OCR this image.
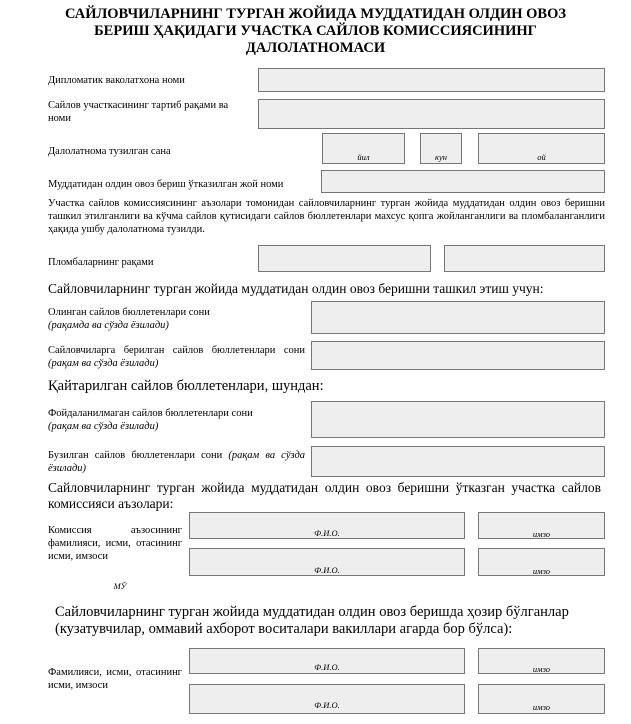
САЙЛОВЧИЛАРНИНГ ТУРГАН ЖОЙИДА МУДДАТИДАН ОЛДИН ОВОЗ
БЕРИШ ҲАҚИДАГИ УЧАСТКА САЙЛОВ КОМИССИЯСИНИНГ
ДАЛОЛАТНОМАСИ
Дипломатик ваколатхона номи
Сайлов участкасининг тартиб рақами ва номи
Далолатнома тузилган сана	йил	кун	ой
Муддатидан олдин овоз бериш ўтказилган жой номи
Участка сайлов комиссиясининг аъзолари томонидан сайловчиларнинг турган жойида муддатидан олдин овоз беришни ташкил этилганлиги ва кўчма сайлов қутисидаги сайлов бюллетенлари махсус қопга жойланганлиги ва пломбаланганлиги ҳақида ушбу далолатнома тузилди.
Пломбаларнинг рақами
Сайловчиларнинг турган жойида муддатидан олдин овоз беришни ташкил этиш учун:
Олинган сайлов бюллетенлари сони
(рақамда ва сўзда ёзилади)
Сайловчиларга берилган сайлов бюллетенлари сони (рақам ва сўзда ёзилади)
Қайтарилган сайлов бюллетенлари, шундан:
Фойдаланилмаган сайлов бюллетенлари сони
(рақам ва сўзда ёзилади)
Бузилган сайлов бюллетенлари сони (рақам ва сўзда ёзилади)
Сайловчиларнинг турган жойида муддатидан олдин овоз беришни ўтказган участка сайлов комиссияси аъзолари:
Комиссия аъзосининг фамилияси, исми, отасининг исми, имзоси
Ф.И.О.	имзо
Ф.И.О.	имзо
МЎ
Сайловчиларнинг турган жойида муддатидан олдин овоз беришда ҳозир бўлганлар
(кузатувчилар, оммавий ахборот воситалари вакиллари агарда бор бўлса):
Фамилияси, исми, отасининг исми, имзоси
Ф.И.О.	имзо
Ф.И.О.	имзо
